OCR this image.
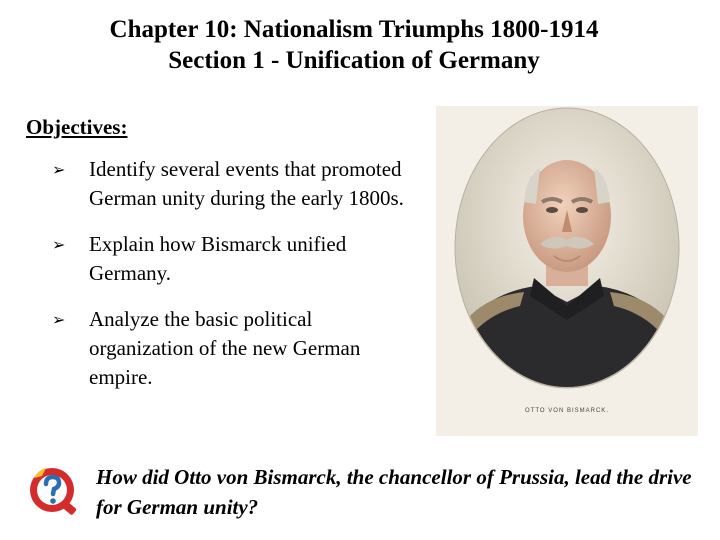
Chapter 10: Nationalism Triumphs 1800-1914
Section 1 - Unification of Germany
Objectives:
➢ Identify several events that promoted German unity during the early 1800s.
➢ Explain how Bismarck unified Germany.
➢ Analyze the basic political organization of the new German empire.
OTTO VON BISMARCK.
How did Otto von Bismarck, the chancellor of Prussia, lead the drive for German unity?
